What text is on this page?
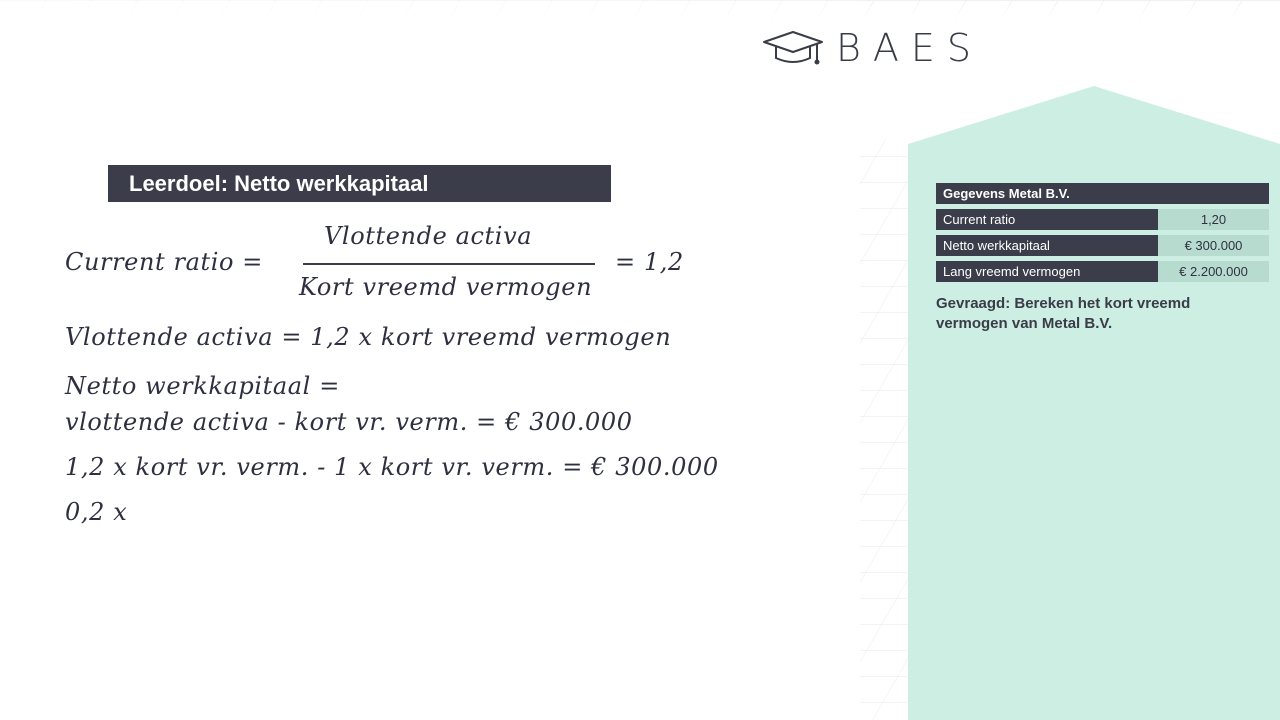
BAES
Leerdoel: Netto werkkapitaal
Current ratio =
Vlottende activa
Kort vreemd vermogen
= 1,2
Vlottende activa = 1,2 x kort vreemd vermogen
Netto werkkapitaal =
vlottende activa - kort vr. verm. = € 300.000
1,2 x kort vr. verm. - 1 x kort vr. verm. = € 300.000
0,2 x
Gegevens Metal B.V.
Current ratio	1,20
Netto werkkapitaal	€ 300.000
Lang vreemd vermogen	€ 2.200.000
Gevraagd: Bereken het kort vreemd vermogen van Metal B.V.
